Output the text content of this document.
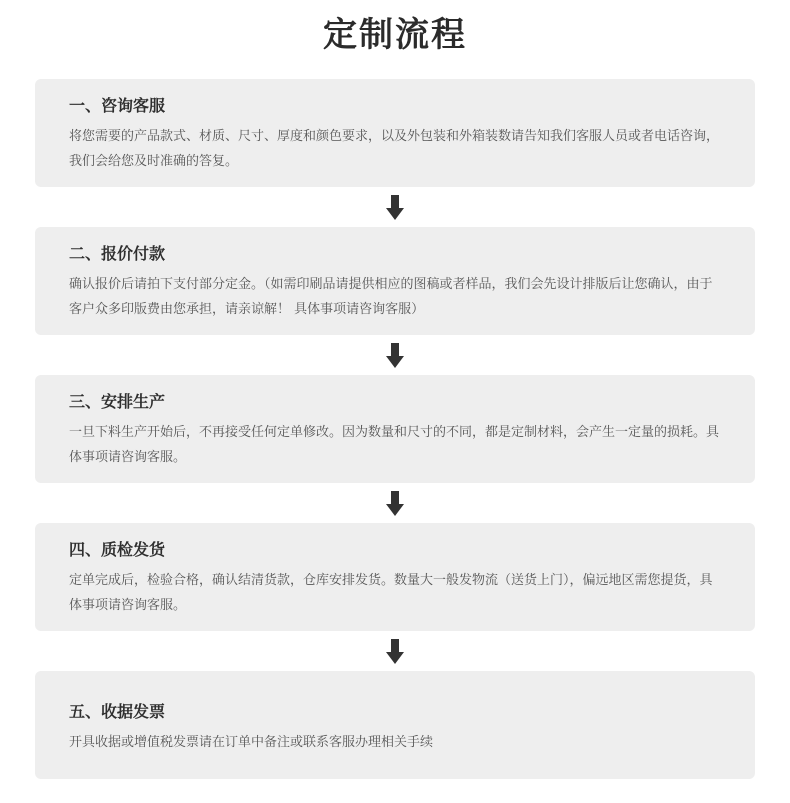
定制流程
一、咨询客服
将您需要的产品款式、材质、尺寸、厚度和颜色要求，以及外包装和外箱装数请告知我们客服人员或者电话咨询，我们会给您及时准确的答复。
二、报价付款
确认报价后请拍下支付部分定金。（如需印刷品请提供相应的图稿或者样品，我们会先设计排版后让您确认，由于客户众多印版费由您承担，请亲谅解！ 具体事项请咨询客服）
三、安排生产
一旦下料生产开始后，不再接受任何定单修改。因为数量和尺寸的不同，都是定制材料，会产生一定量的损耗。具体事项请咨询客服。
四、质检发货
定单完成后，检验合格，确认结清货款，仓库安排发货。数量大一般发物流（送货上门），偏远地区需您提货，具体事项请咨询客服。
五、收据发票
开具收据或增值税发票请在订单中备注或联系客服办理相关手续
